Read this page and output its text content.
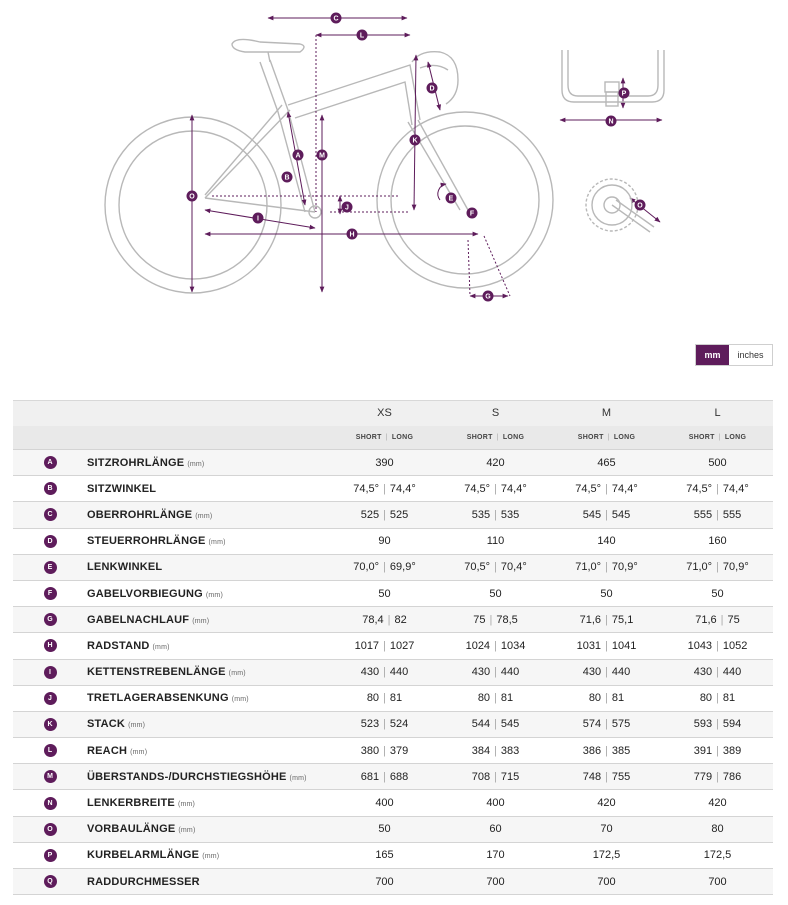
C
L
D
K
M
A
B
O
J
E
F
I
H
G
N
P
O
mm	inches
		XS	S	M	L
		SHORT | LONG	SHORT | LONG	SHORT | LONG	SHORT | LONG
A	SITZROHRLÄNGE (mm)	390	420	465	500
B	SITZWINKEL	74,5° | 74,4°	74,5° | 74,4°	74,5° | 74,4°	74,5° | 74,4°
C	OBERROHRLÄNGE (mm)	525 | 525	535 | 535	545 | 545	555 | 555
D	STEUERROHRLÄNGE (mm)	90	110	140	160
E	LENKWINKEL	70,0° | 69,9°	70,5° | 70,4°	71,0° | 70,9°	71,0° | 70,9°
F	GABELVORBIEGUNG (mm)	50	50	50	50
G	GABELNACHLAUF (mm)	78,4 | 82	75 | 78,5	71,6 | 75,1	71,6 | 75
H	RADSTAND (mm)	1017 | 1027	1024 | 1034	1031 | 1041	1043 | 1052
I	KETTENSTREBENLÄNGE (mm)	430 | 440	430 | 440	430 | 440	430 | 440
J	TRETLAGERABSENKUNG (mm)	80 | 81	80 | 81	80 | 81	80 | 81
K	STACK (mm)	523 | 524	544 | 545	574 | 575	593 | 594
L	REACH (mm)	380 | 379	384 | 383	386 | 385	391 | 389
M	ÜBERSTANDS-/DURCHSTIEGSHÖHE (mm)	681 | 688	708 | 715	748 | 755	779 | 786
N	LENKERBREITE (mm)	400	400	420	420
O	VORBAULÄNGE (mm)	50	60	70	80
P	KURBELARMLÄNGE (mm)	165	170	172,5	172,5
Q	RADDURCHMESSER	700	700	700	700
